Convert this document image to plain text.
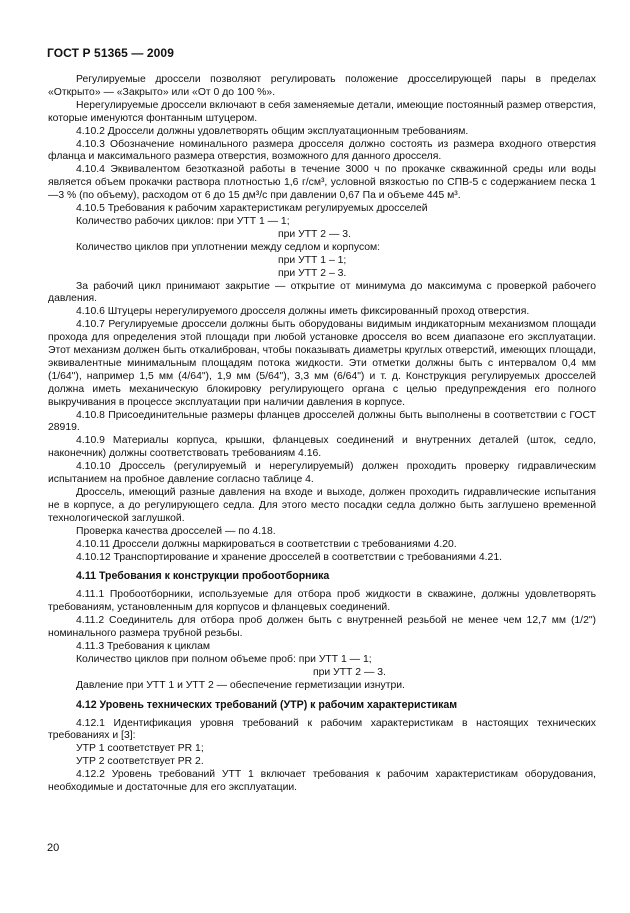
ГОСТ Р 51365 — 2009

Регулируемые дроссели позволяют регулировать положение дросселирующей пары в пределах «Открыто» — «Закрыто» или «От 0 до 100 %».

Нерегулируемые дроссели включают в себя заменяемые детали, имеющие постоянный размер отверстия, которые именуются фонтанным штуцером.

4.10.2 Дроссели должны удовлетворять общим эксплуатационным требованиям.

4.10.3 Обозначение номинального размера дросселя должно состоять из размера входного отверстия фланца и максимального размера отверстия, возможного для данного дросселя.

4.10.4 Эквивалентом безотказной работы в течение 3000 ч по прокачке скважинной среды или воды является объем прокачки раствора плотностью 1,6 г/см³, условной вязкостью по СПВ-5 с содержанием песка 1—3 % (по объему), расходом от 6 до 15 дм³/с при давлении 0,67 Па и объеме 445 м³.

4.10.5 Требования к рабочим характеристикам регулируемых дросселей

Количество рабочих циклов: при УТТ 1 — 1;

при УТТ 2 — 3.

Количество циклов при уплотнении между седлом и корпусом:

при УТТ 1 – 1;

при УТТ 2 – 3.

За рабочий цикл принимают закрытие — открытие от минимума до максимума с проверкой рабочего давления.

4.10.6 Штуцеры нерегулируемого дросселя должны иметь фиксированный проход отверстия.

4.10.7 Регулируемые дроссели должны быть оборудованы видимым индикаторным механизмом площади прохода для определения этой площади при любой установке дросселя во всем диапазоне его эксплуатации. Этот механизм должен быть откалиброван, чтобы показывать диаметры круглых отверстий, имеющих площади, эквивалентные минимальным площадям потока жидкости. Эти отметки должны быть с интервалом 0,4 мм (1/64"), например 1,5 мм (4/64"), 1,9 мм (5/64"), 3,3 мм (6/64") и т. д. Конструкция регулируемых дросселей должна иметь механическую блокировку регулирующего органа с целью предупреждения его полного выкручивания в процессе эксплуатации при наличии давления в корпусе.

4.10.8 Присоединительные размеры фланцев дросселей должны быть выполнены в соответствии с ГОСТ 28919.

4.10.9 Материалы корпуса, крышки, фланцевых соединений и внутренних деталей (шток, седло, наконечник) должны соответствовать требованиям 4.16.

4.10.10 Дроссель (регулируемый и нерегулируемый) должен проходить проверку гидравлическим испытанием на пробное давление согласно таблице 4.

Дроссель, имеющий разные давления на входе и выходе, должен проходить гидравлические испытания не в корпусе, а до регулирующего седла. Для этого место посадки седла должно быть заглушено временной технологической заглушкой.

Проверка качества дросселей — по 4.18.

4.10.11 Дроссели должны маркироваться в соответствии с требованиями 4.20.

4.10.12 Транспортирование и хранение дросселей в соответствии с требованиями 4.21.

4.11 Требования к конструкции пробоотборника

4.11.1 Пробоотборники, используемые для отбора проб жидкости в скважине, должны удовлетворять требованиям, установленным для корпусов и фланцевых соединений.

4.11.2 Соединитель для отбора проб должен быть с внутренней резьбой не менее чем 12,7 мм (1/2") номинального размера трубной резьбы.

4.11.3 Требования к циклам

Количество циклов при полном объеме проб: при УТТ 1 — 1;

при УТТ 2 — 3.

Давление при УТТ 1 и УТТ 2 — обеспечение герметизации изнутри.

4.12 Уровень технических требований (УТР) к рабочим характеристикам

4.12.1 Идентификация уровня требований к рабочим характеристикам в настоящих технических требованиях и [3]:

УТР 1 соответствует PR 1;

УТР 2 соответствует PR 2.

4.12.2 Уровень требований УТТ 1 включает требования к рабочим характеристикам оборудования, необходимые и достаточные для его эксплуатации.

20
